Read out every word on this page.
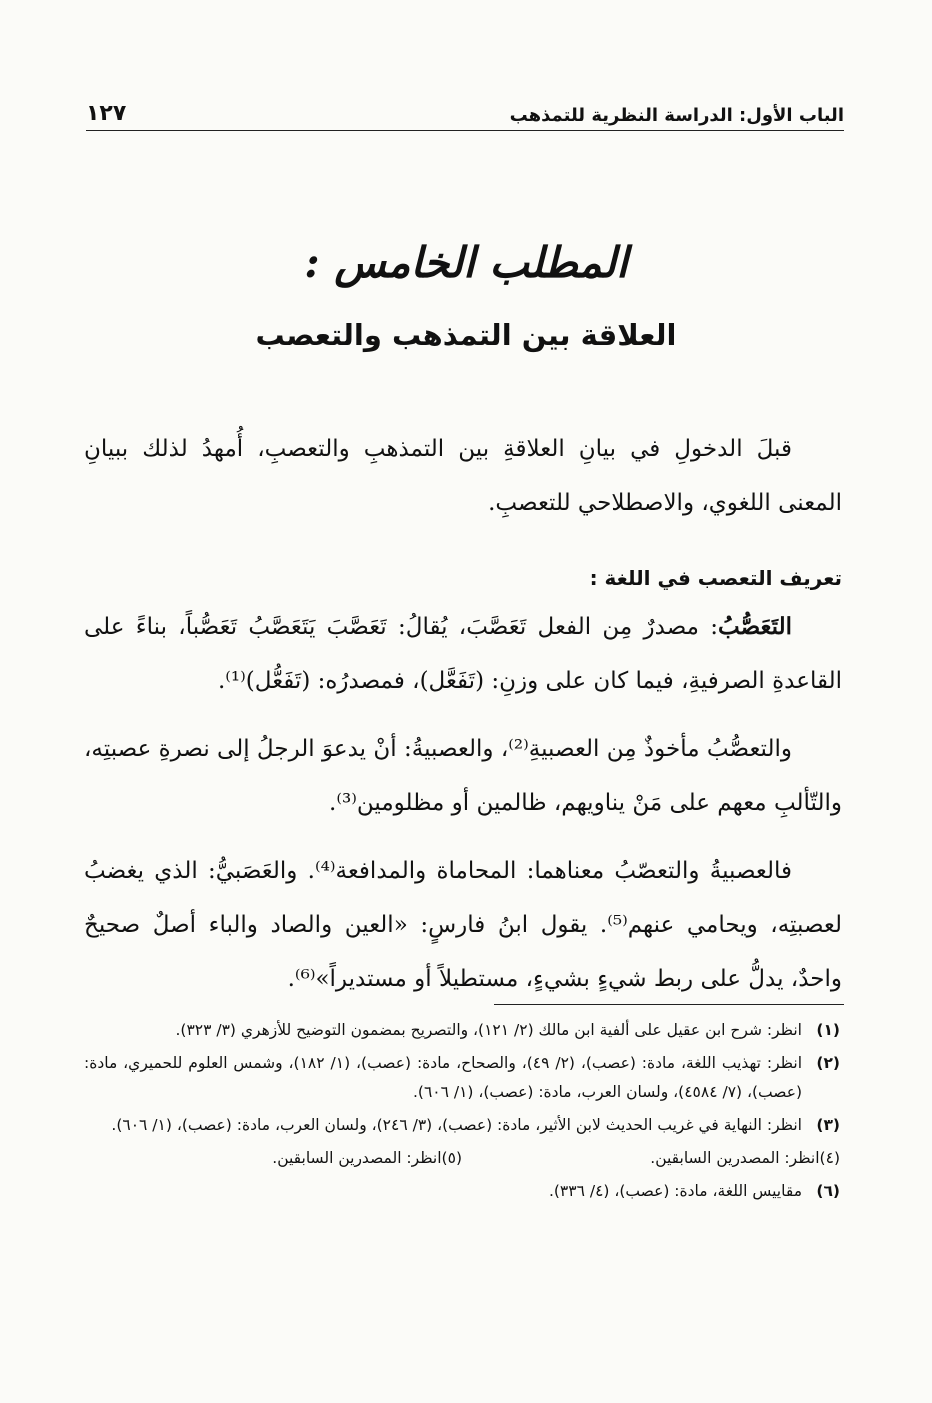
الباب الأول: الدراسة النظرية للتمذهب
١٢٧
المطلب الخامس :
العلاقة بين التمذهب والتعصب

قبلَ الدخولِ في بيانِ العلاقةِ بين التمذهبِ والتعصبِ، أُمهدُ لذلك ببيانِ المعنى اللغوي، والاصطلاحي للتعصبِ.

تعريف التعصب في اللغة :

التَعَصُّبُ: مصدرٌ مِن الفعل تَعَصَّبَ، يُقالُ: تَعَصَّبَ يَتَعَصَّبُ تَعَصُّباً، بناءً على القاعدةِ الصرفيةِ، فيما كان على وزنِ: (تَفَعَّل)، فمصدرُه: (تَفَعُّل)⁽¹⁾.

والتعصُّبُ مأخوذٌ مِن العصبيةِ⁽²⁾، والعصبيةُ: أنْ يدعوَ الرجلُ إلى نصرةِ عصبتِه، والتّألبِ معهم على مَنْ يناويهم، ظالمين أو مظلومين⁽³⁾.

فالعصبيةُ والتعصّبُ معناهما: المحاماة والمدافعة⁽⁴⁾. والعَصَبيُّ: الذي يغضبُ لعصبتِه، ويحامي عنهم⁽⁵⁾. يقول ابنُ فارسٍ: «العين والصاد والباء أصلٌ صحيحٌ واحدٌ، يدلُّ على ربط شيءٍ بشيءٍ، مستطيلاً أو مستديراً»⁽⁶⁾.

(١)
انظر: شرح ابن عقيل على ألفية ابن مالك (٢/ ١٢١)، والتصريح بمضمون التوضيح للأزهري (٣/ ٣٢٣).
(٢)
انظر: تهذيب اللغة، مادة: (عصب)، (٢/ ٤٩)، والصحاح، مادة: (عصب)، (١/ ١٨٢)، وشمس العلوم للحميري، مادة: (عصب)، (٧/ ٤٥٨٤)، ولسان العرب، مادة: (عصب)، (١/ ٦٠٦).
(٣)
انظر: النهاية في غريب الحديث لابن الأثير، مادة: (عصب)، (٣/ ٢٤٦)، ولسان العرب، مادة: (عصب)، (١/ ٦٠٦).
(٤)
انظر: المصدرين السابقين.
(٥)
انظر: المصدرين السابقين.
(٦)
مقاييس اللغة، مادة: (عصب)، (٤/ ٣٣٦).
